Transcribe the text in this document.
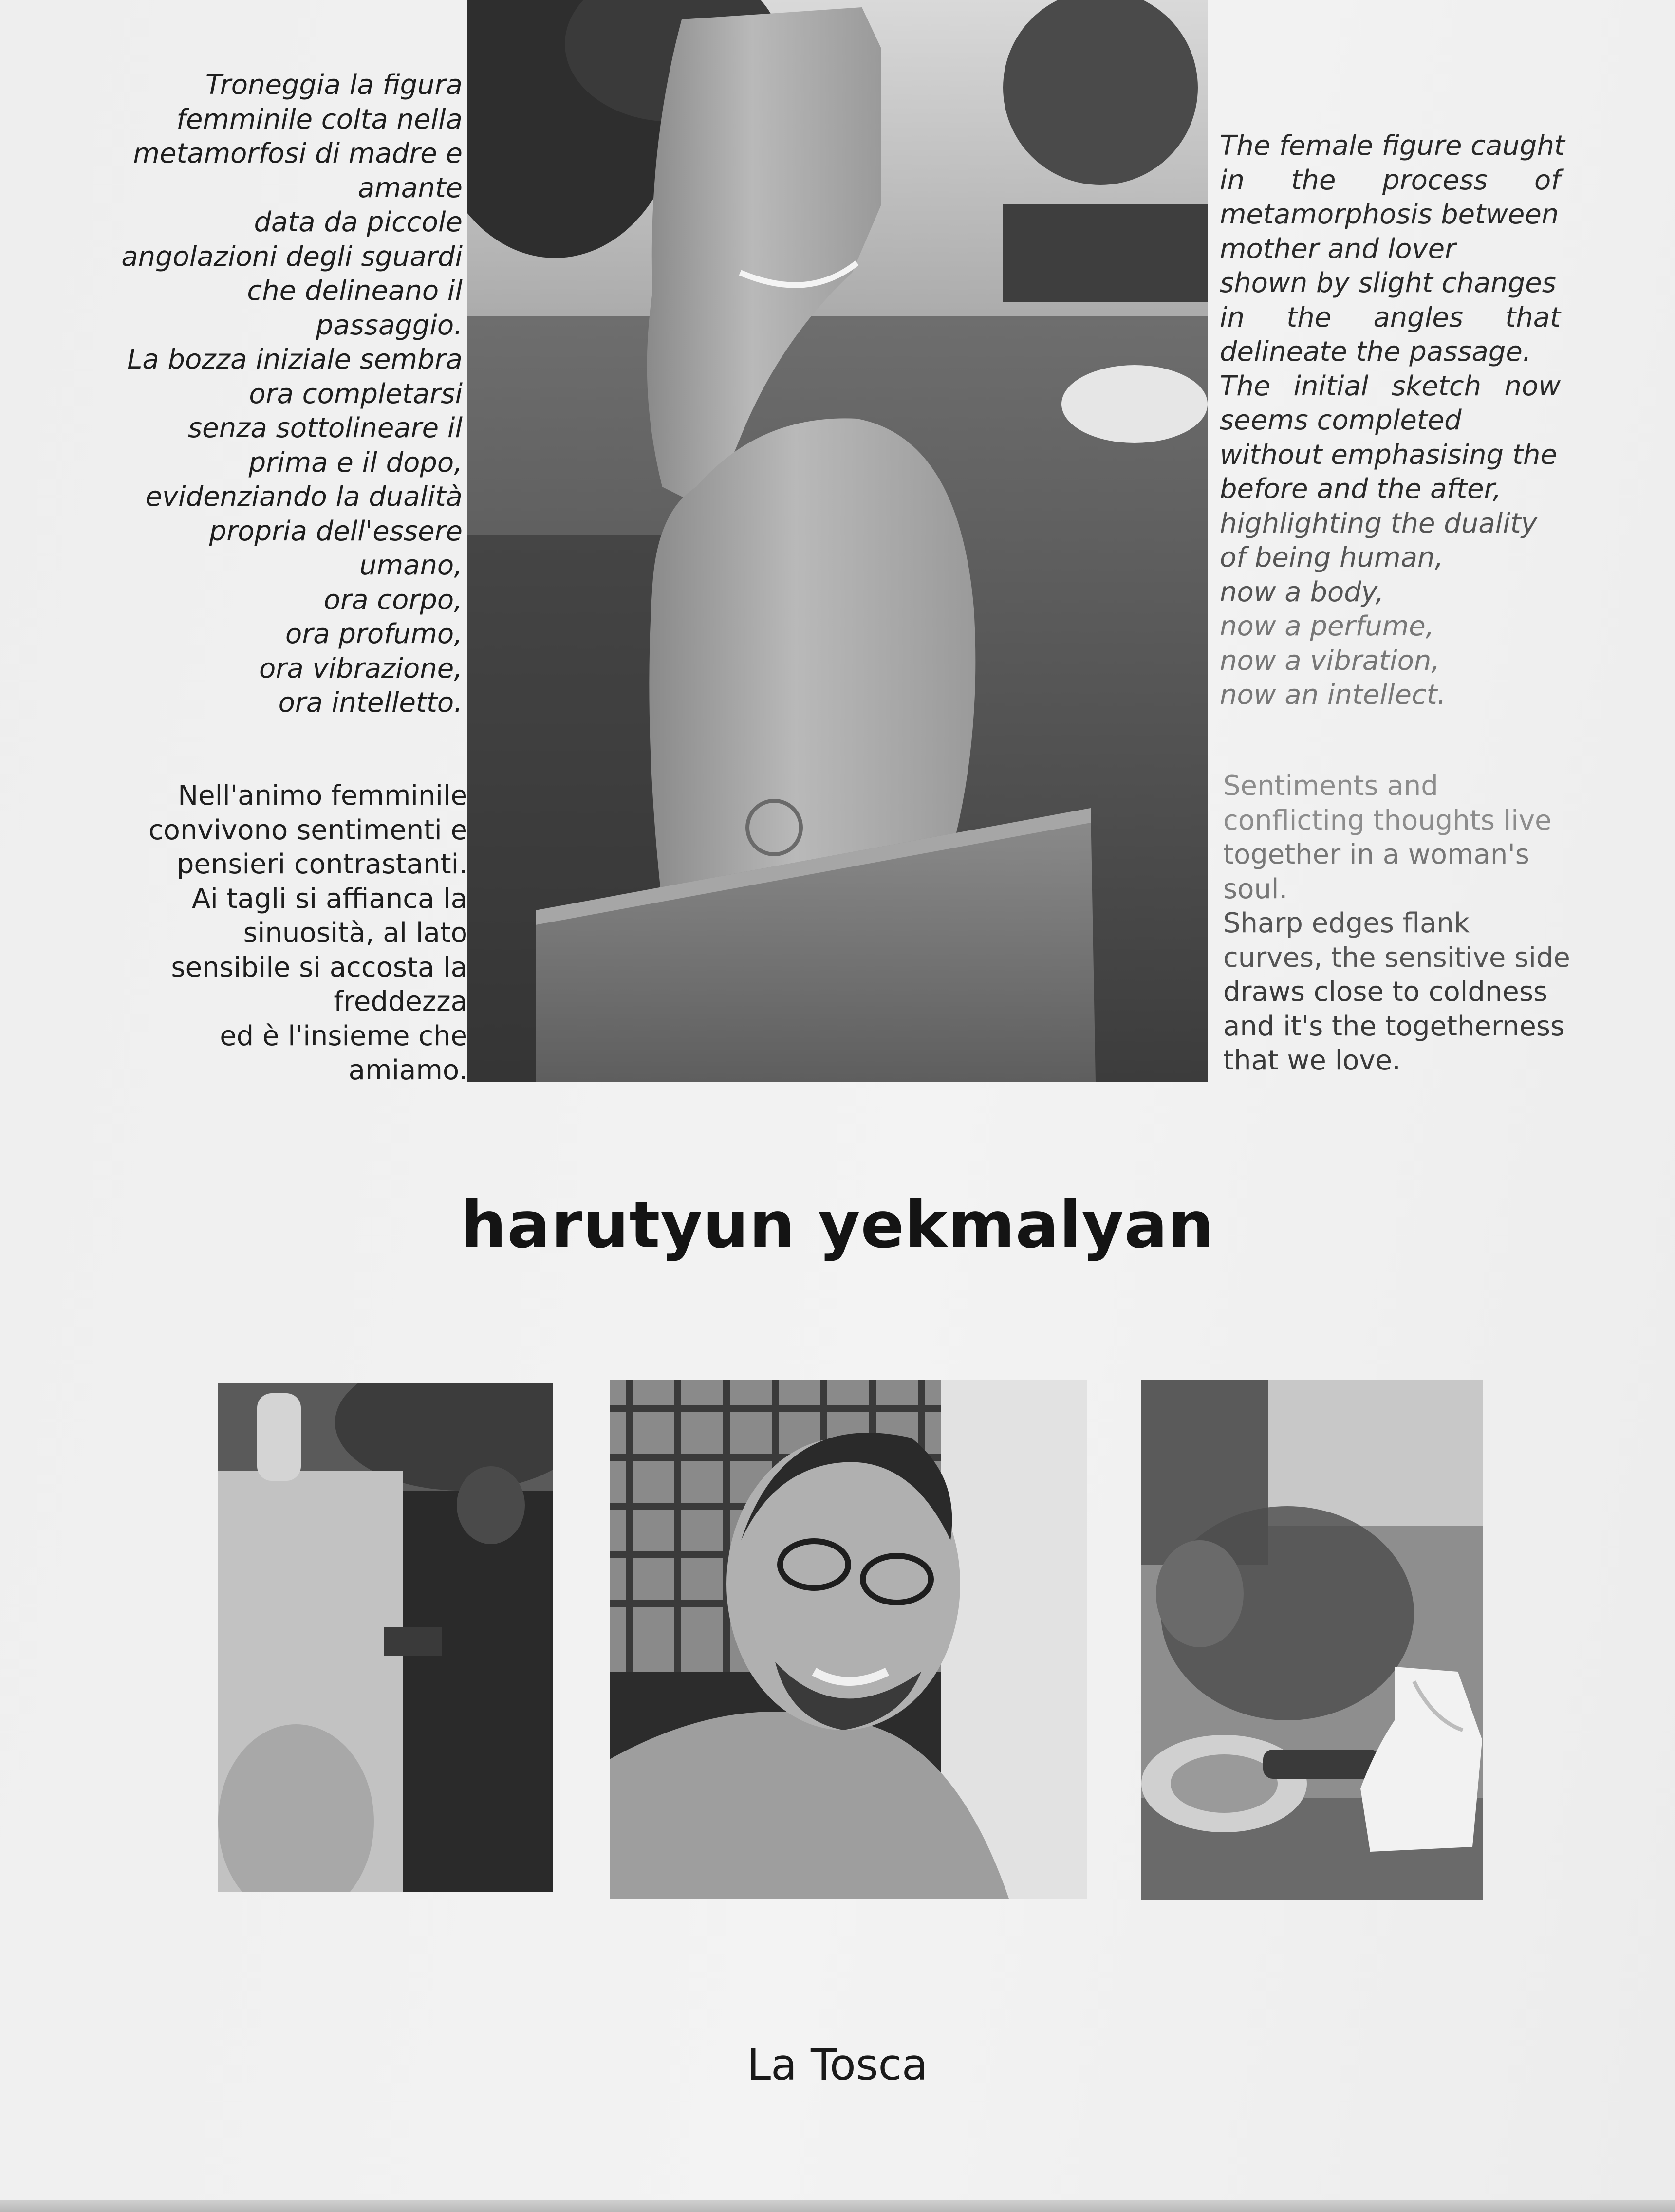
Troneggia la figura
femminile colta nella
metamorfosi di madre e
amante
data da piccole
angolazioni degli sguardi
che delineano il
passaggio.
La bozza iniziale sembra
ora completarsi
senza sottolineare il
prima e il dopo,
evidenziando la dualità
propria dell'essere
umano,
ora corpo,
ora profumo,
ora vibrazione,
ora intelletto.
Nell'animo femminile
convivono sentimenti e
pensieri contrastanti.
Ai tagli si affianca la
sinuosità, al lato
sensibile si accosta la
freddezza
ed è l'insieme che
amiamo.
The female figure caught
in the process of
metamorphosis between
mother and lover
shown by slight changes
in the angles that
delineate the passage.
The initial sketch now
seems completed
without emphasising the
before and the after,
highlighting the duality
of being human,
now a body,
now a perfume,
now a vibration,
now an intellect.
Sentiments and
conflicting thoughts live
together in a woman's
soul.
Sharp edges flank
curves, the sensitive side
draws close to coldness
and it's the togetherness
that we love.
harutyun yekmalyan

La Tosca
